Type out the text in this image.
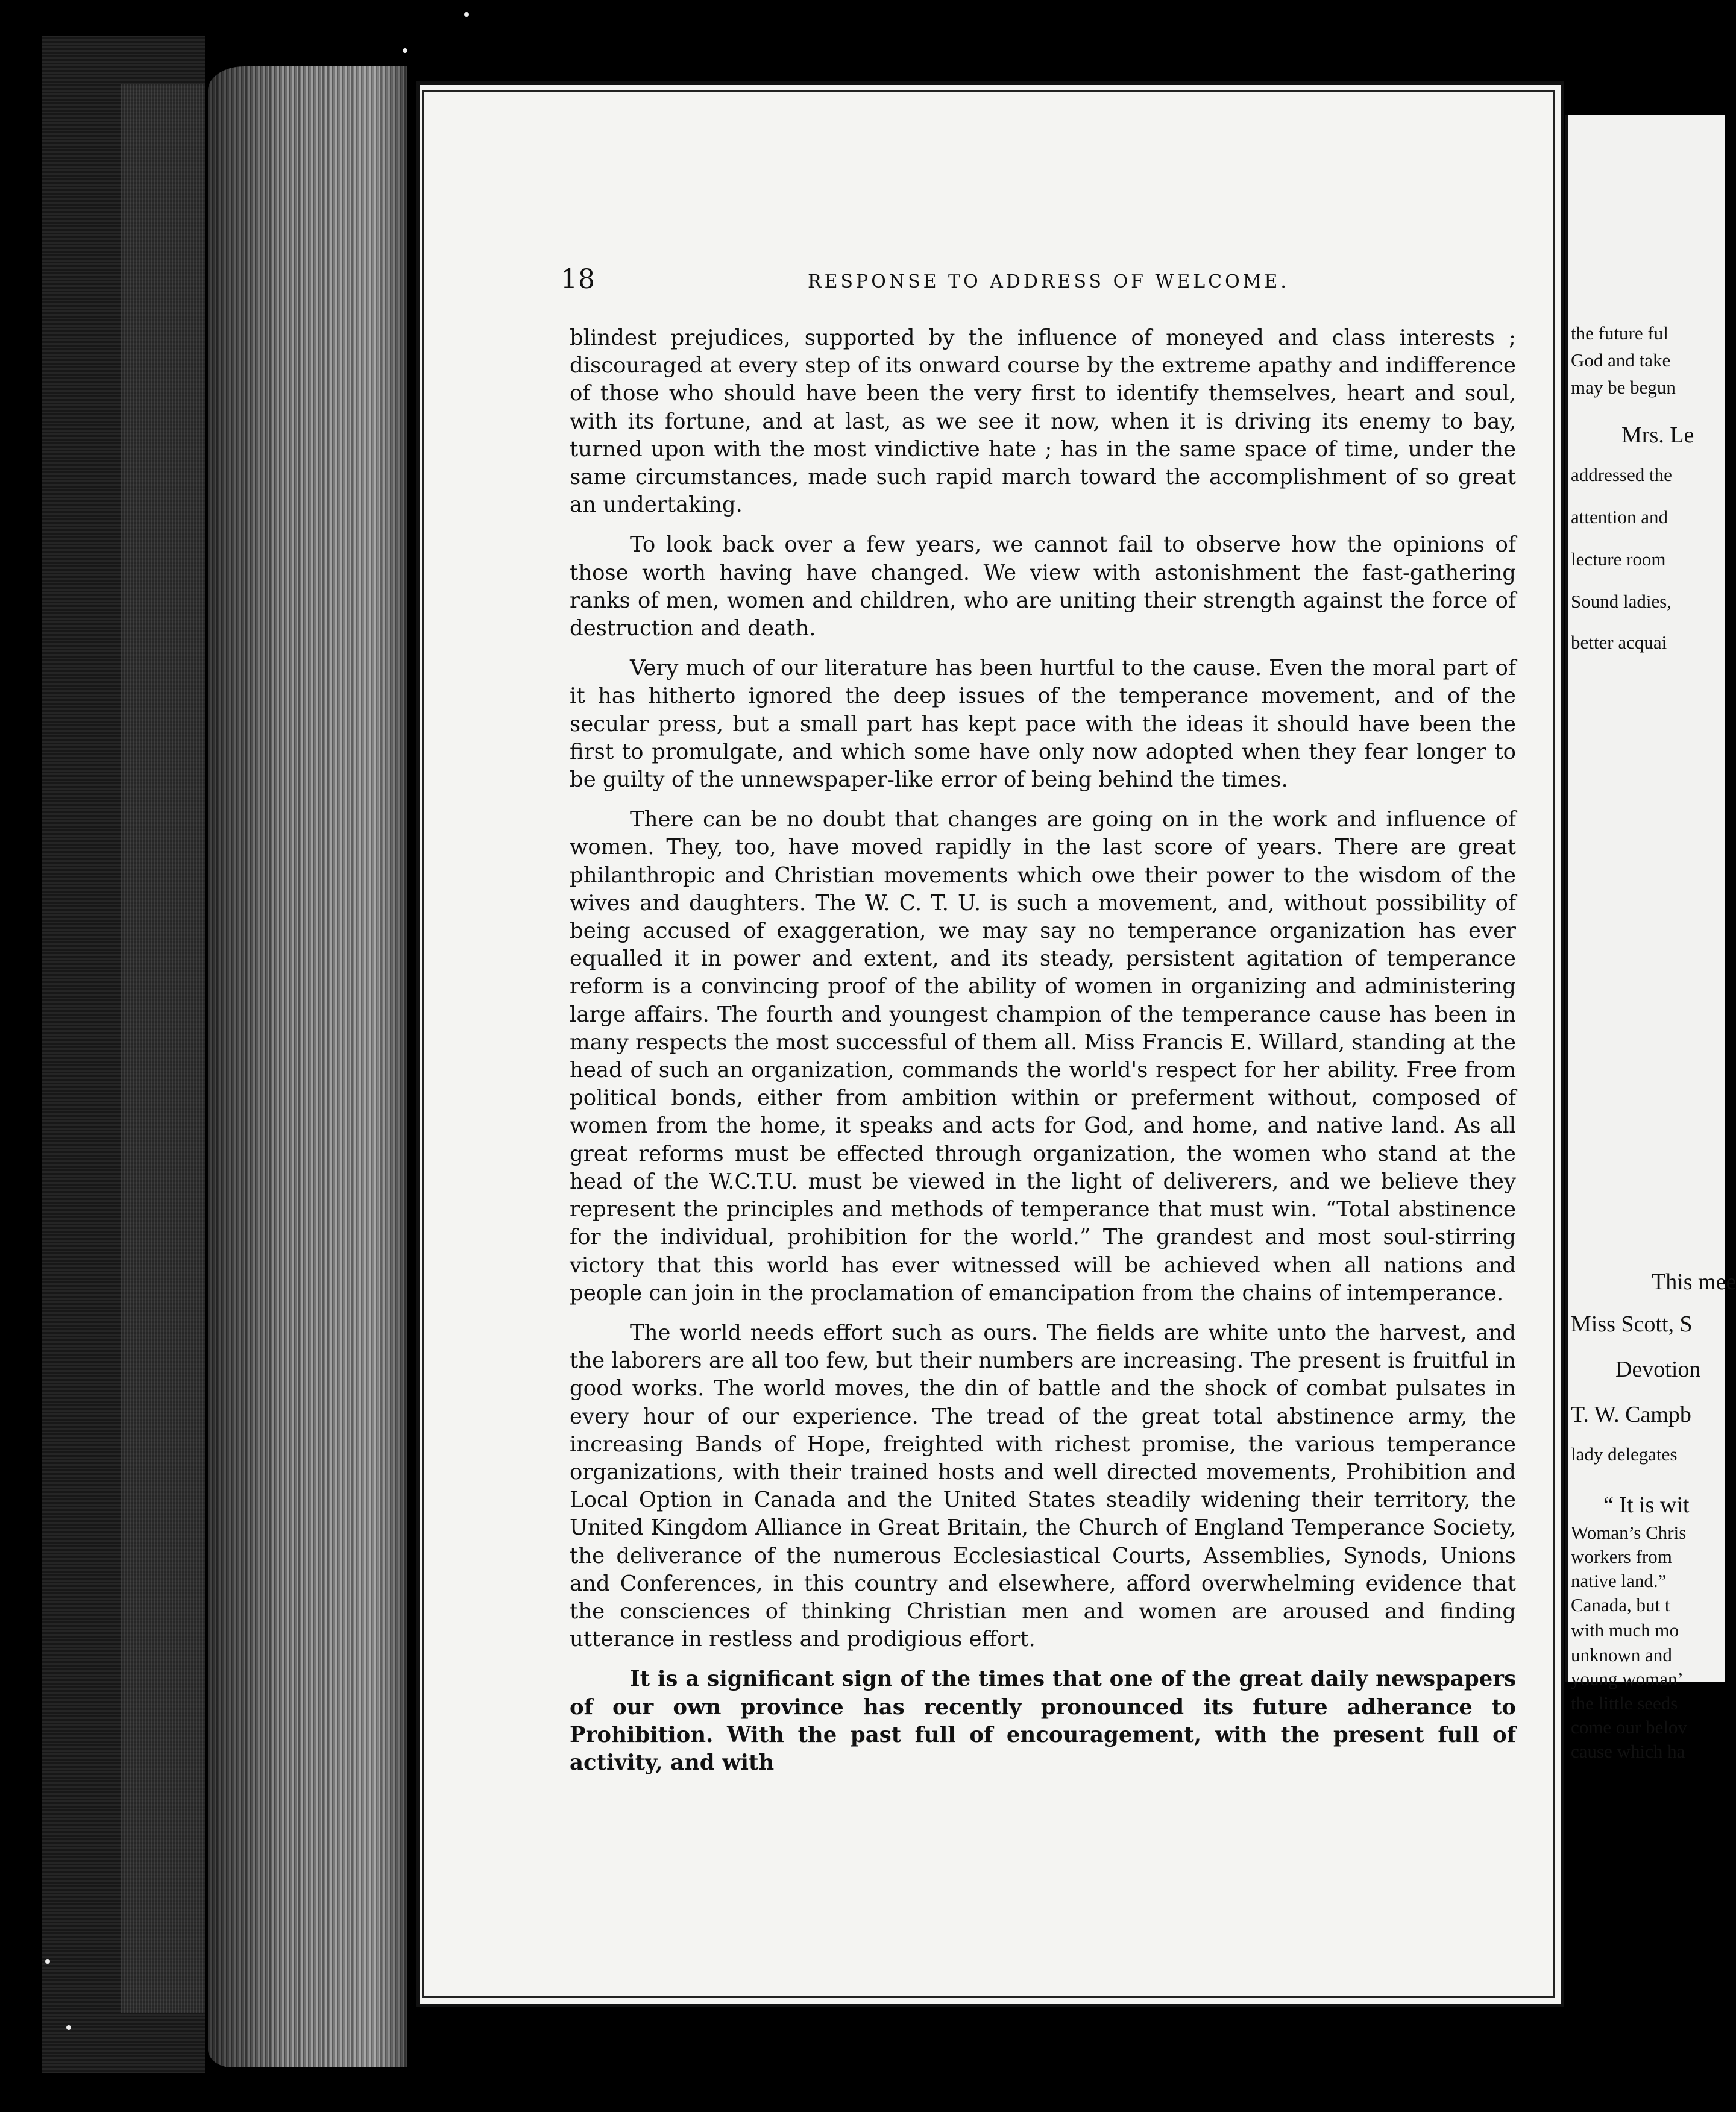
18	RESPONSE TO ADDRESS OF WELCOME.

blindest prejudices, supported by the influence of moneyed and class interests ; discouraged at every step of its onward course by the extreme apathy and indifference of those who should have been the very first to identify themselves, heart and soul, with its fortune, and at last, as we see it now, when it is driving its enemy to bay, turned upon with the most vindictive hate ; has in the same space of time, under the same circumstances, made such rapid march toward the accomplishment of so great an undertaking.

To look back over a few years, we cannot fail to observe how the opinions of those worth having have changed. We view with astonishment the fast-gathering ranks of men, women and children, who are uniting their strength against the force of destruction and death.

Very much of our literature has been hurtful to the cause. Even the moral part of it has hitherto ignored the deep issues of the temperance movement, and of the secular press, but a small part has kept pace with the ideas it should have been the first to promulgate, and which some have only now adopted when they fear longer to be guilty of the unnewspaper-like error of being behind the times.

There can be no doubt that changes are going on in the work and influence of women. They, too, have moved rapidly in the last score of years. There are great philanthropic and Christian movements which owe their power to the wisdom of the wives and daughters. The W. C. T. U. is such a movement, and, without possibility of being accused of exaggeration, we may say no temperance organization has ever equalled it in power and extent, and its steady, persistent agitation of temperance reform is a convincing proof of the ability of women in organizing and administering large affairs. The fourth and youngest champion of the temperance cause has been in many respects the most successful of them all. Miss Francis E. Willard, standing at the head of such an organization, commands the world's respect for her ability. Free from political bonds, either from ambition within or preferment without, composed of women from the home, it speaks and acts for God, and home, and native land. As all great reforms must be effected through organization, the women who stand at the head of the W.C.T.U. must be viewed in the light of deliverers, and we believe they represent the principles and methods of temperance that must win. “Total abstinence for the individual, prohibition for the world.” The grandest and most soul-stirring victory that this world has ever witnessed will be achieved when all nations and people can join in the proclamation of emancipation from the chains of intemperance.

The world needs effort such as ours. The fields are white unto the harvest, and the laborers are all too few, but their numbers are increasing. The present is fruitful in good works. The world moves, the din of battle and the shock of combat pulsates in every hour of our experience. The tread of the great total abstinence army, the increasing Bands of Hope, freighted with richest promise, the various temperance organizations, with their trained hosts and well directed movements, Prohibition and Local Option in Canada and the United States steadily widening their territory, the United Kingdom Alliance in Great Britain, the Church of England Temperance Society, the deliverance of the numerous Ecclesiastical Courts, Assemblies, Synods, Unions and Conferences, in this country and elsewhere, afford overwhelming evidence that the consciences of thinking Christian men and women are aroused and finding utterance in restless and prodigious effort.

It is a significant sign of the times that one of the great daily newspapers of our own province has recently pronounced its future adherance to Prohibition. With the past full of encouragement, with the present full of activity, and with

the future ful
God and take
may be begun
Mrs. Le
addressed the
attention and
lecture room
Sound ladies,
better acquai
This mee
Miss Scott, S
Devotion
T. W. Campb
lady delegates
“ It is wit
Woman’s Chris
workers from
native land.”
Canada, but t
with much mo
unknown and
young woman’
the little seeds
come our belov
cause which ha
